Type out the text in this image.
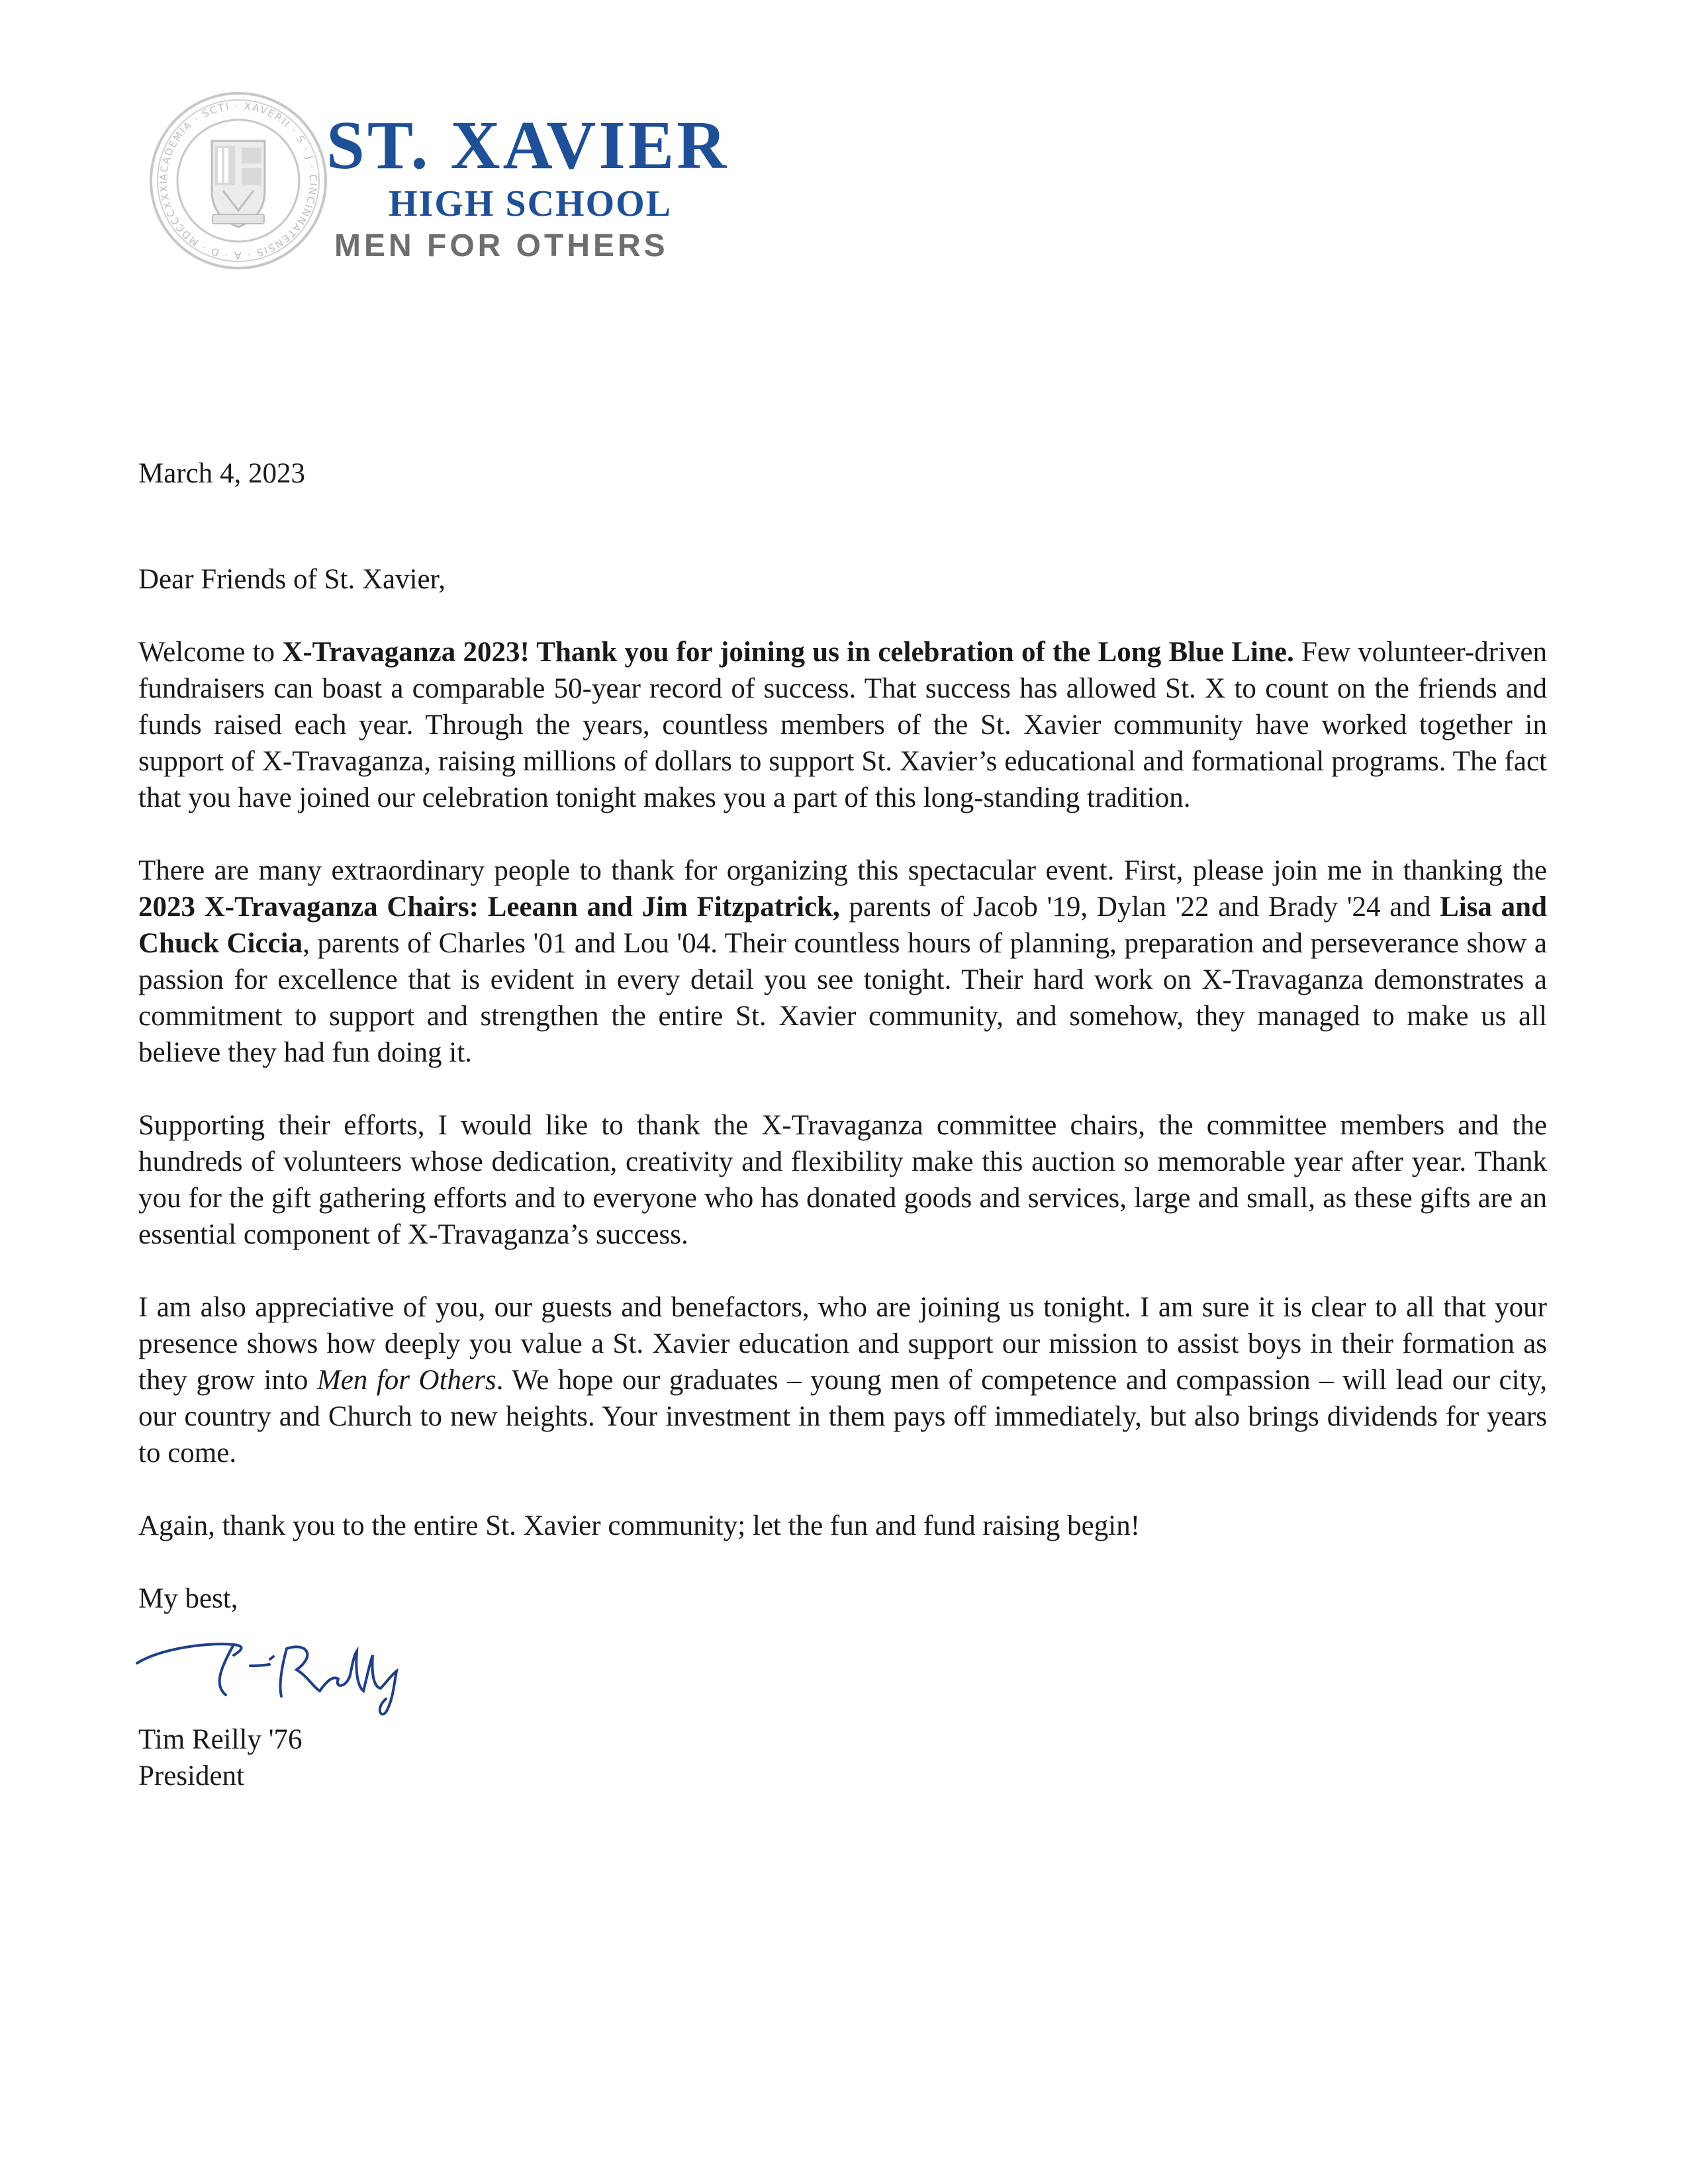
ACADEMIA · SCTI · XAVERII · S · J · CINCINNATENSIS · A · D · MDCCCXXXI	ST. XAVIER
HIGH SCHOOL
MEN FOR OTHERS

March 4, 2023

Dear Friends of St. Xavier,

Welcome to X-Travaganza 2023! Thank you for joining us in celebration of the Long Blue Line. Few volunteer-driven fundraisers can boast a comparable 50-year record of success. That success has allowed St. X to count on the friends and funds raised each year. Through the years, countless members of the St. Xavier community have worked together in support of X-Travaganza, raising millions of dollars to support St. Xavier’s educational and formational programs. The fact that you have joined our celebration tonight makes you a part of this long-standing tradition.

There are many extraordinary people to thank for organizing this spectacular event. First, please join me in thanking the 2023 X-Travaganza Chairs: Leeann and Jim Fitzpatrick, parents of Jacob '19, Dylan '22 and Brady '24 and Lisa and Chuck Ciccia, parents of Charles '01 and Lou '04. Their countless hours of planning, preparation and perseverance show a passion for excellence that is evident in every detail you see tonight. Their hard work on X-Travaganza demonstrates a commitment to support and strengthen the entire St. Xavier community, and somehow, they managed to make us all believe they had fun doing it.

Supporting their efforts, I would like to thank the X-Travaganza committee chairs, the committee members and the hundreds of volunteers whose dedication, creativity and flexibility make this auction so memorable year after year. Thank you for the gift gathering efforts and to everyone who has donated goods and services, large and small, as these gifts are an essential component of X-Travaganza’s success.

I am also appreciative of you, our guests and benefactors, who are joining us tonight. I am sure it is clear to all that your presence shows how deeply you value a St. Xavier education and support our mission to assist boys in their formation as they grow into Men for Others. We hope our graduates – young men of competence and compassion – will lead our city, our country and Church to new heights. Your investment in them pays off immediately, but also brings dividends for years to come.

Again, thank you to the entire St. Xavier community; let the fun and fund raising begin!

My best,

Tim Reilly '76

President
